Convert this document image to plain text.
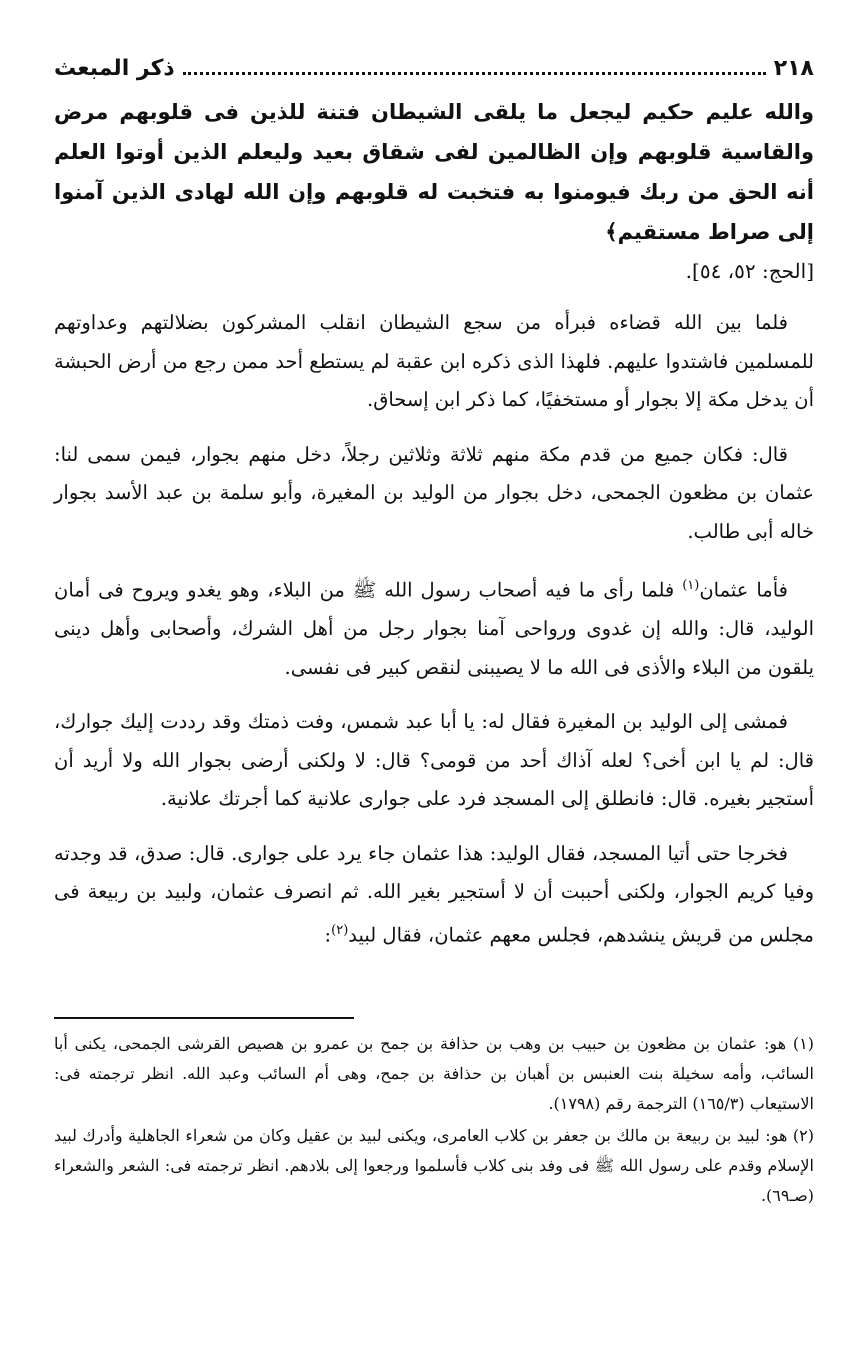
٢١٨
ذكر المبعث

والله عليم حكيم ليجعل ما يلقى الشيطان فتنة للذين فى قلوبهم مرض والقاسية قلوبهم وإن الظالمين لفى شقاق بعيد وليعلم الذين أوتوا العلم أنه الحق من ربك فيومنوا به فتخبت له قلوبهم وإن الله لهادى الذين آمنوا إلى صراط مستقيم﴾

[الحج: ٥٢، ٥٤].

فلما بين الله قضاءه فبرأه من سجع الشيطان انقلب المشركون بضلالتهم وعداوتهم للمسلمين فاشتدوا عليهم. فلهذا الذى ذكره ابن عقبة لم يستطع أحد ممن رجع من أرض الحبشة أن يدخل مكة إلا بجوار أو مستخفيًا، كما ذكر ابن إسحاق.

قال: فكان جميع من قدم مكة منهم ثلاثة وثلاثين رجلاً، دخل منهم بجوار، فيمن سمى لنا: عثمان بن مظعون الجمحى، دخل بجوار من الوليد بن المغيرة، وأبو سلمة بن عبد الأسد بجوار خاله أبى طالب.

فأما عثمان$^{(١)}$ فلما رأى ما فيه أصحاب رسول الله ﷺ من البلاء، وهو يغدو ويروح فى أمان الوليد، قال: والله إن غدوى ورواحى آمنا بجوار رجل من أهل الشرك، وأصحابى وأهل دينى يلقون من البلاء والأذى فى الله ما لا يصيبنى لنقص كبير فى نفسى.

فمشى إلى الوليد بن المغيرة فقال له: يا أبا عبد شمس، وفت ذمتك وقد رددت إليك جوارك، قال: لم يا ابن أخى؟ لعله آذاك أحد من قومى؟ قال: لا ولكنى أرضى بجوار الله ولا أريد أن أستجير بغيره. قال: فانطلق إلى المسجد فرد على جوارى علانية كما أجرتك علانية.

فخرجا حتى أتيا المسجد، فقال الوليد: هذا عثمان جاء يرد على جوارى. قال: صدق، قد وجدته وفيا كريم الجوار، ولكنى أحببت أن لا أستجير بغير الله. ثم انصرف عثمان، ولبيد بن ربيعة فى مجلس من قريش ينشدهم، فجلس معهم عثمان، فقال لبيد$^{(٢)}$:

(١) هو: عثمان بن مظعون بن حبيب بن وهب بن حذافة بن جمح بن عمرو بن هصيص القرشى الجمحى، يكنى أبا السائب، وأمه سخيلة بنت العنبس بن أهبان بن حذافة بن جمح، وهى أم السائب وعبد الله. انظر ترجمته فى: الاستيعاب (١٦٥/٣) الترجمة رقم (١٧٩٨).

(٢) هو: لبيد بن ربيعة بن مالك بن جعفر بن كلاب العامرى، ويكنى لبيد بن عقيل وكان من شعراء الجاهلية وأدرك لبيد الإسلام وقدم على رسول الله ﷺ فى وفد بنى كلاب فأسلموا ورجعوا إلى بلادهم. انظر ترجمته فى: الشعر والشعراء (صـ٦٩).
